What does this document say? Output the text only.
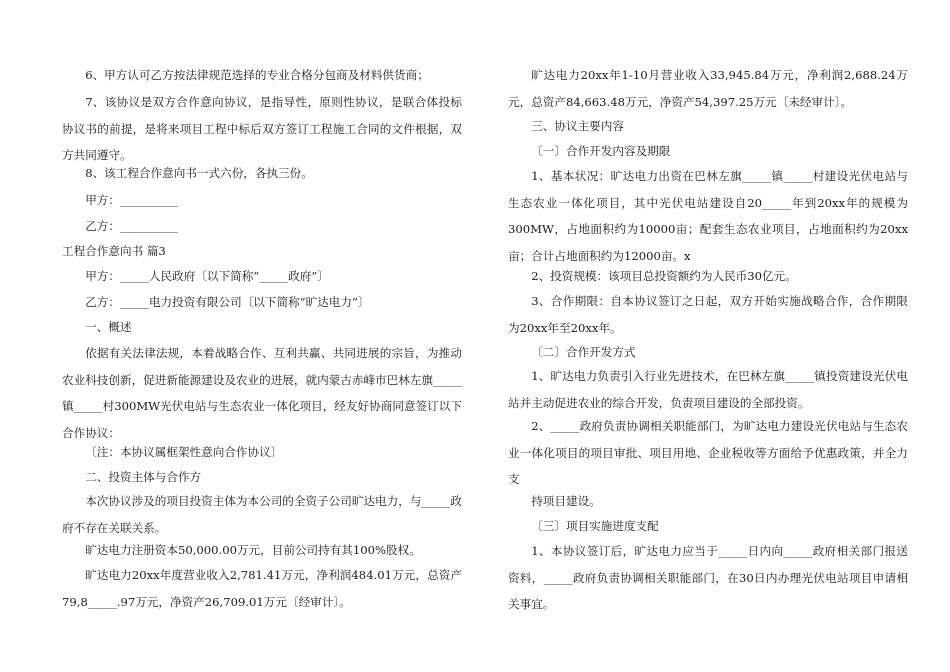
6、甲方认可乙方按法律规范选择的专业合格分包商及材料供货商；

7、该协议是双方合作意向协议，是指导性，原则性协议，是联合体投标协议书的前提，是将来项目工程中标后双方签订工程施工合同的文件根据，双方共同遵守。

8、该工程合作意向书一式六份，各执三份。

甲方：__________

乙方：__________

工程合作意向书 篇3

甲方：_____人民政府〔以下简称“_____政府”〕

乙方：_____电力投资有限公司〔以下简称“旷达电力”〕

一、概述

依据有关法律法规，本着战略合作、互利共赢、共同进展的宗旨，为推动农业科技创新，促进新能源建设及农业的进展，就内蒙古赤峰市巴林左旗_____镇_____村300MW光伏电站与生态农业一体化项目，经友好协商同意签订以下合作协议：

〔注：本协议属框架性意向合作协议〕

二、投资主体与合作方

本次协议涉及的项目投资主体为本公司的全资子公司旷达电力，与_____政府不存在关联关系。

旷达电力注册资本50,000.00万元，目前公司持有其100%股权。

旷达电力20xx年度营业收入2,781.41万元，净利润484.01万元，总资产79,8_____.97万元，净资产26,709.01万元〔经审计〕。

旷达电力20xx年1-10月营业收入33,945.84万元，净利润2,688.24万元，总资产84,663.48万元，净资产54,397.25万元〔未经审计〕。

三、协议主要内容

〔一〕合作开发内容及期限

1、基本状况：旷达电力出资在巴林左旗_____镇_____村建设光伏电站与生态农业一体化项目，其中光伏电站建设自20_____年到20xx年的规模为300MW，占地面积约为10000亩；配套生态农业项目，占地面积约为20xx亩；合计占地面积约为12000亩。x

2、投资规模：该项目总投资额约为人民币30亿元。

3、合作期限：自本协议签订之日起，双方开始实施战略合作，合作期限为20xx年至20xx年。

〔二〕合作开发方式

1、旷达电力负责引入行业先进技术，在巴林左旗_____镇投资建设光伏电站并主动促进农业的综合开发，负责项目建设的全部投资。

2、_____政府负责协调相关职能部门，为旷达电力建设光伏电站与生态农业一体化项目的项目审批、项目用地、企业税收等方面给予优惠政策，并全力支

持项目建设。

〔三〕项目实施进度支配

1、本协议签订后，旷达电力应当于_____日内向_____政府相关部门报送资料，_____政府负责协调相关职能部门，在30日内办理光伏电站项目申请相关事宜。
